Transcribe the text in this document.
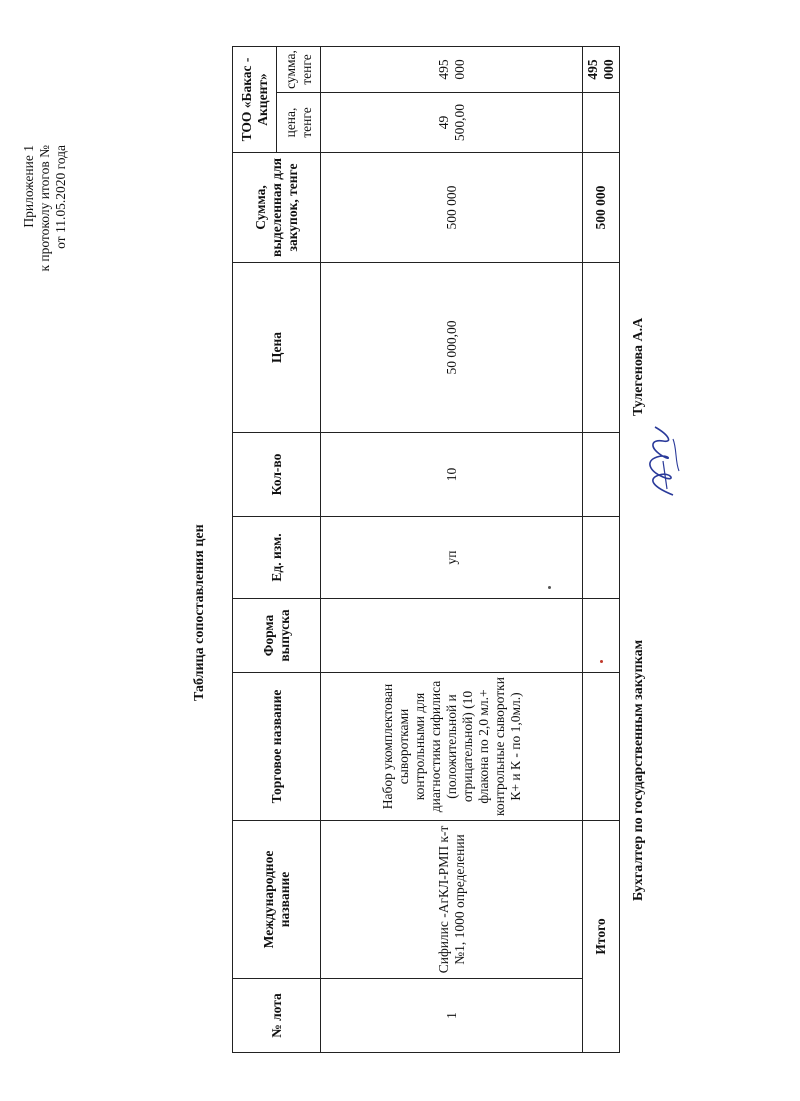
Приложение 1 к протоколу итогов № от 11.05.2020 года
Таблица сопоставления цен
№ лота	Международное название	Торговое название	Форма выпуска	Ед. изм.	Кол-во	Цена	Сумма, выделенная для закупок, тенге	ТОО «Бакас - Акцент»	
								цена, тенге	сумма, тенге
1	Сифилис -АгКЛ-РМП к-т №1, 1000 определении	Набор укомплектован сыворотками контрольными для диагностики сифилиса (положительной и отрицательной) (10 флакона по 2,0 мл.+ контрольные сыворотки К+ и К - по 1,0мл.)		уп	10	50 000,00	500 000	49 500,00	495 000
Итого							500 000		495 000
Бухгалтер по государственным закупкам
Тулегенова А.А
